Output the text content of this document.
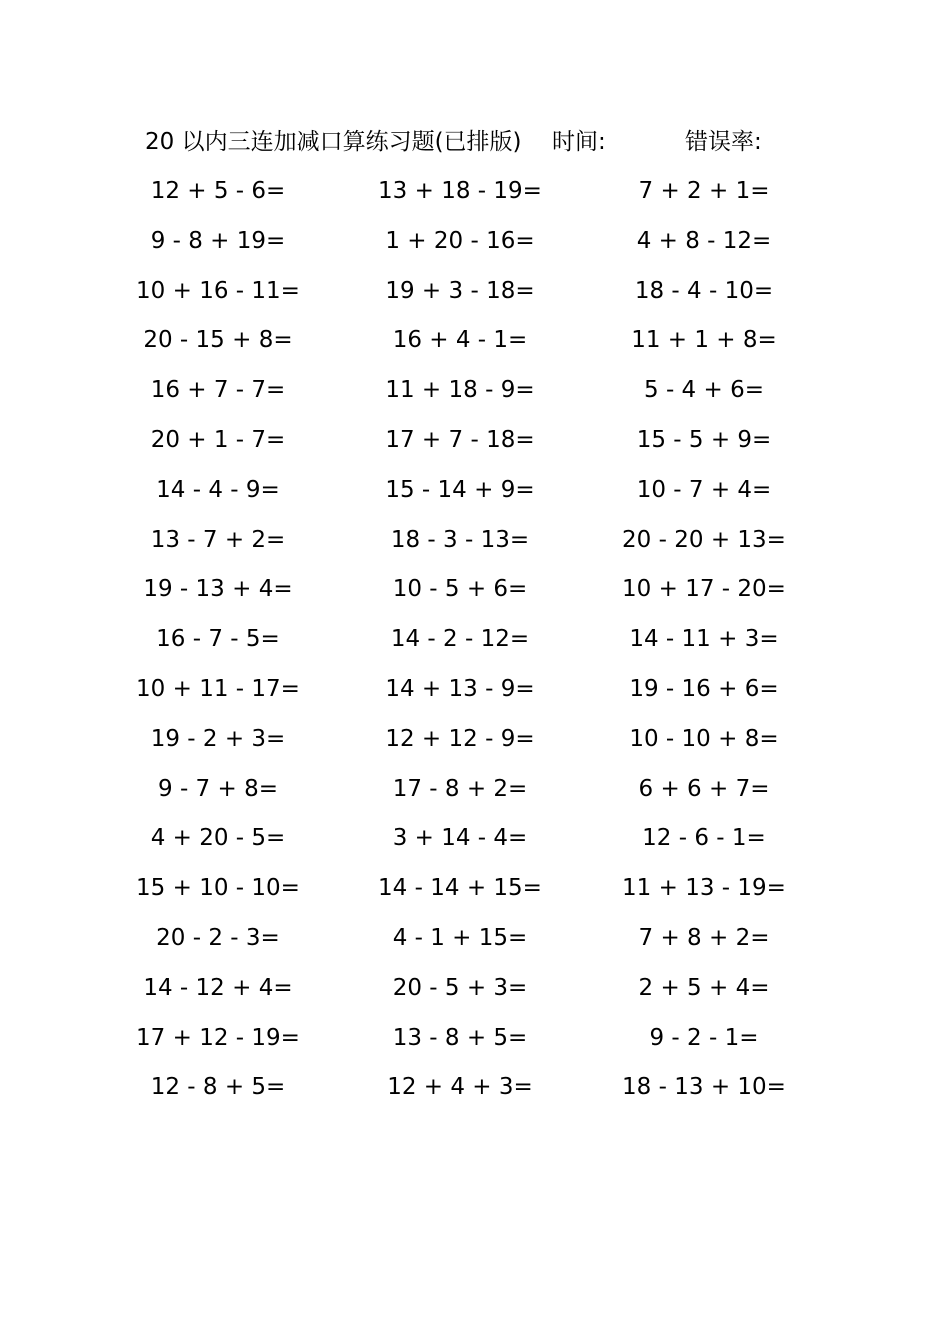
20 以内三连加减口算练习题(已排版) 时间:	错误率:
12 + 5 - 6=	13 + 18 - 19=	7 + 2 + 1=
9 - 8 + 19=	1 + 20 - 16=	4 + 8 - 12=
10 + 16 - 11=	19 + 3 - 18=	18 - 4 - 10=
20 - 15 + 8=	16 + 4 - 1=	11 + 1 + 8=
16 + 7 - 7=	11 + 18 - 9=	5 - 4 + 6=
20 + 1 - 7=	17 + 7 - 18=	15 - 5 + 9=
14 - 4 - 9=	15 - 14 + 9=	10 - 7 + 4=
13 - 7 + 2=	18 - 3 - 13=	20 - 20 + 13=
19 - 13 + 4=	10 - 5 + 6=	10 + 17 - 20=
16 - 7 - 5=	14 - 2 - 12=	14 - 11 + 3=
10 + 11 - 17=	14 + 13 - 9=	19 - 16 + 6=
19 - 2 + 3=	12 + 12 - 9=	10 - 10 + 8=
9 - 7 + 8=	17 - 8 + 2=	6 + 6 + 7=
4 + 20 - 5=	3 + 14 - 4=	12 - 6 - 1=
15 + 10 - 10=	14 - 14 + 15=	11 + 13 - 19=
20 - 2 - 3=	4 - 1 + 15=	7 + 8 + 2=
14 - 12 + 4=	20 - 5 + 3=	2 + 5 + 4=
17 + 12 - 19=	13 - 8 + 5=	9 - 2 - 1=
12 - 8 + 5=	12 + 4 + 3=	18 - 13 + 10=
